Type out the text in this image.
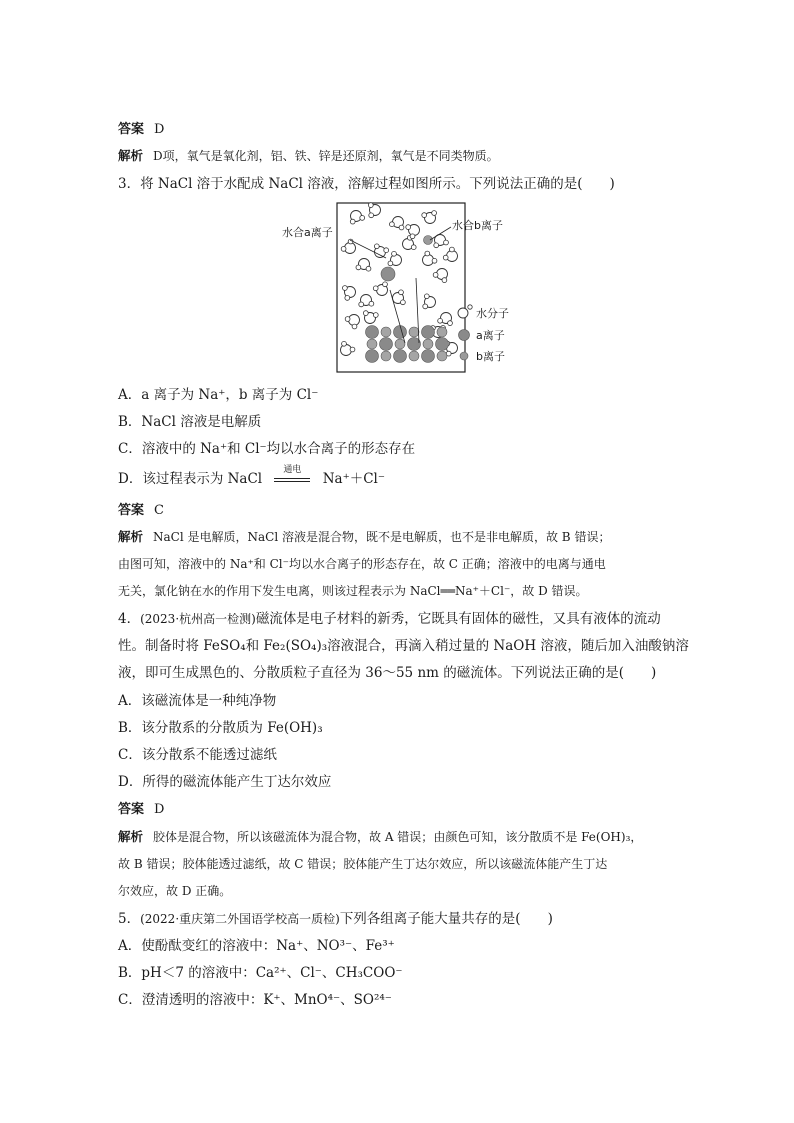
答案 D
解析 D项，氧气是氧化剂，铝、铁、锌是还原剂，氧气是不同类物质。
3．将 NaCl 溶于水配成 NaCl 溶液，溶解过程如图所示。下列说法正确的是(　　)
水合a离子
水合b离子
水分子
a离子
b离子
A．a 离子为 Na⁺，b 离子为 Cl⁻
B．NaCl 溶液是电解质
C．溶液中的 Na⁺和 Cl⁻均以水合离子的形态存在
D．该过程表示为 NaCl
通电
Na⁺＋Cl⁻
答案 C
解析 NaCl 是电解质，NaCl 溶液是混合物，既不是电解质，也不是非电解质，故 B 错误；
由图可知，溶液中的 Na⁺和 Cl⁻均以水合离子的形态存在，故 C 正确；溶液中的电离与通电
无关，氯化钠在水的作用下发生电离，则该过程表示为 NaCl══Na⁺＋Cl⁻，故 D 错误。
4．(2023·杭州高一检测)磁流体是电子材料的新秀，它既具有固体的磁性，又具有液体的流动
性。制备时将 FeSO₄和 Fe₂(SO₄)₃溶液混合，再滴入稍过量的 NaOH 溶液，随后加入油酸钠溶
液，即可生成黑色的、分散质粒子直径为 36～55 nm 的磁流体。下列说法正确的是(　　)
A．该磁流体是一种纯净物
B．该分散系的分散质为 Fe(OH)₃
C．该分散系不能透过滤纸
D．所得的磁流体能产生丁达尔效应
答案 D
解析 胶体是混合物，所以该磁流体为混合物，故 A 错误；由颜色可知，该分散质不是 Fe(OH)₃，
故 B 错误；胶体能透过滤纸，故 C 错误；胶体能产生丁达尔效应，所以该磁流体能产生丁达
尔效应，故 D 正确。
5．(2022·重庆第二外国语学校高一质检)下列各组离子能大量共存的是(　　)
A．使酚酞变红的溶液中：Na⁺、NO³⁻、Fe³⁺
B．pH＜7 的溶液中：Ca²⁺、Cl⁻、CH₃COO⁻
C．澄清透明的溶液中：K⁺、MnO⁴⁻、SO²⁴⁻
